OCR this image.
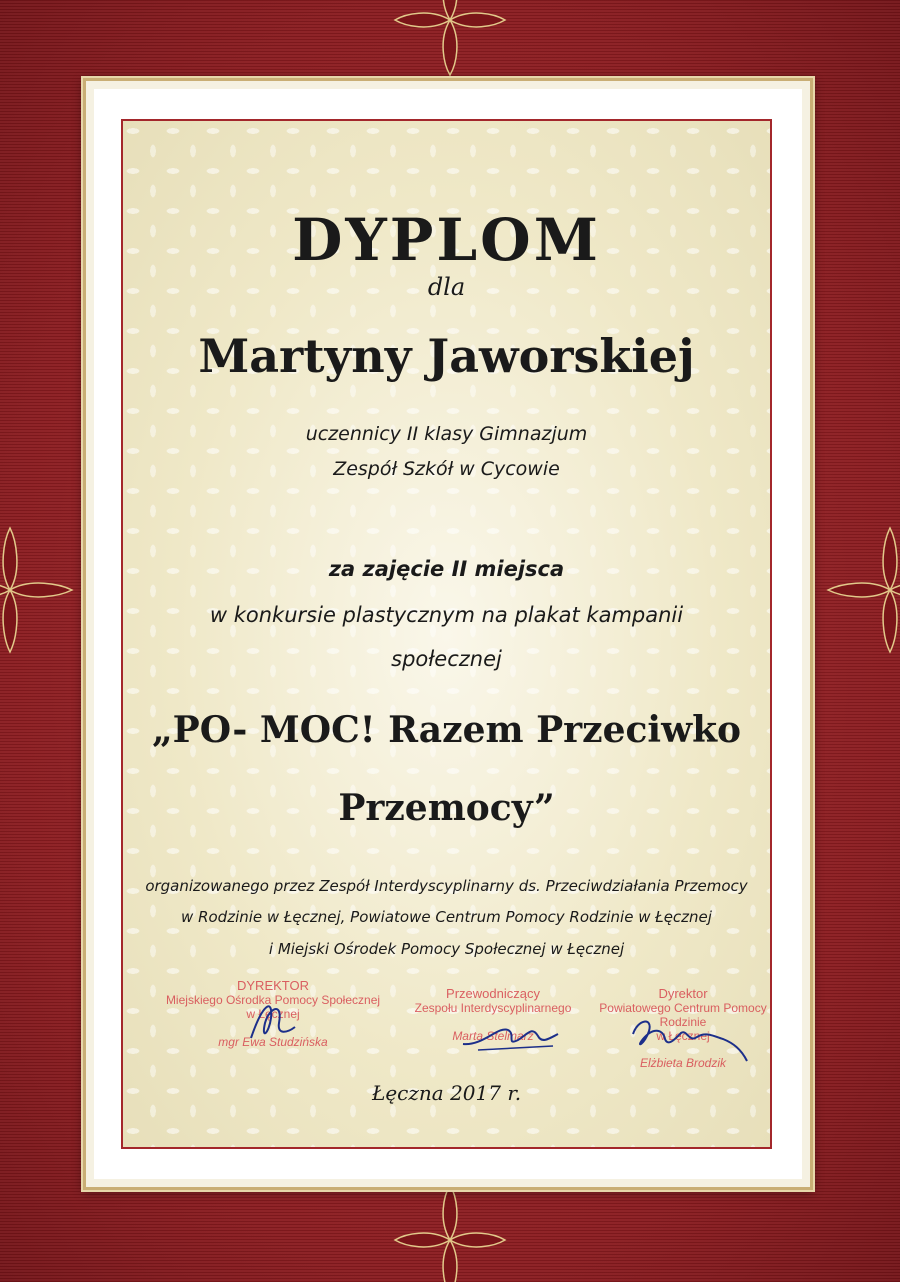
DYPLOM
dla
Martyny Jaworskiej
uczennicy II klasy Gimnazjum
Zespół Szkół w Cycowie
za zajęcie II miejsca
w konkursie plastycznym na plakat kampanii
społecznej
„PO- MOC! Razem Przeciwko
Przemocy”
organizowanego przez Zespół Interdyscyplinarny ds. Przeciwdziałania Przemocy
w Rodzinie w Łęcznej, Powiatowe Centrum Pomocy Rodzinie w Łęcznej
i Miejski Ośrodek Pomocy Społecznej w Łęcznej
DYREKTOR
Miejskiego Ośrodka Pomocy Społecznej
w Łęcznej
mgr Ewa Studzińska
Przewodniczący
Zespołu Interdyscyplinarnego
Marta Stelmarz
Dyrektor
Powiatowego Centrum Pomocy Rodzinie
w Łęcznej
Elżbieta Brodzik
Łęczna 2017 r.
